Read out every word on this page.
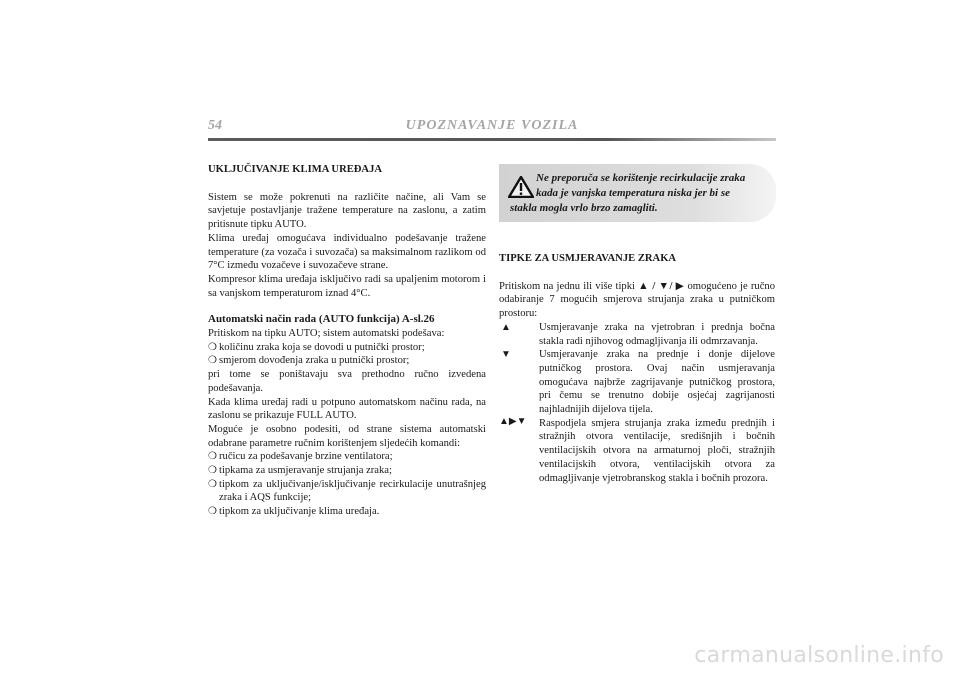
54	UPOZNAVANJE VOZILA

UKLJUČIVANJE KLIMA UREĐAJA

Sistem se može pokrenuti na različite načine, ali Vam se savjetuje postavljanje tražene temperature na zaslonu, a zatim pritisnute tipku AUTO.

Klima uređaj omogućava individualno podešavanje tražene temperature (za vozača i suvozača) sa maksimalnom razlikom od 7°C između vozačeve i suvozačeve strane.

Kompresor klima uređaja isključivo radi sa upaljenim motorom i sa vanjskom temperaturom iznad 4°C.

Automatski način rada (AUTO funkcija) A-sl.26

Pritiskom na tipku AUTO; sistem automatski podešava:

❍ količinu zraka koja se dovodi u putnički prostor;
❍ smjerom dovođenja zraka u putnički prostor;

pri tome se poništavaju sva prethodno ručno izvedena podešavanja.

Kada klima uređaj radi u potpuno automatskom načinu rada, na zaslonu se prikazuje FULL AUTO.

Moguće je osobno podesiti, od strane sistema automatski odabrane parametre ručnim korištenjem sljedećih komandi:

❍ ručicu za podešavanje brzine ventilatora;
❍ tipkama za usmjeravanje strujanja zraka;
❍ tipkom za uključivanje/isključivanje recirkulacije unutrašnjeg zraka i AQS funkcije;
❍ tipkom za uključivanje klima uređaja.
Ne preporuča se korištenje recirkulacije zraka
kada je vanjska temperatura niska jer bi se
stakla mogla vrlo brzo zamagliti.

TIPKE ZA USMJERAVANJE ZRAKA

Pritiskom na jednu ili više tipki ▲ / ▼/ ▶ omogućeno je ručno odabiranje 7 mogućih smjerova strujanja zraka u putničkom prostoru:

▲	Usmjeravanje zraka na vjetrobran i prednja bočna stakla radi njihovog odmagljivanja ili odmrzavanja.
▼	Usmjeravanje zraka na prednje i donje dijelove putničkog prostora. Ovaj način usmjeravanja omogućava najbrže zagrijavanje putničkog prostora, pri čemu se trenutno dobije osjećaj zagrijanosti najhladnijih dijelova tijela.
▲▶▼ Raspodjela smjera strujanja zraka između prednjih i stražnjih otvora ventilacije, središnjih i bočnih ventilacijskih otvora na armaturnoj ploči, stražnjih ventilacijskih otvora, ventilacijskih otvora za odmagljivanje vjetrobranskog stakla i bočnih prozora.
carmanualsonline.info
